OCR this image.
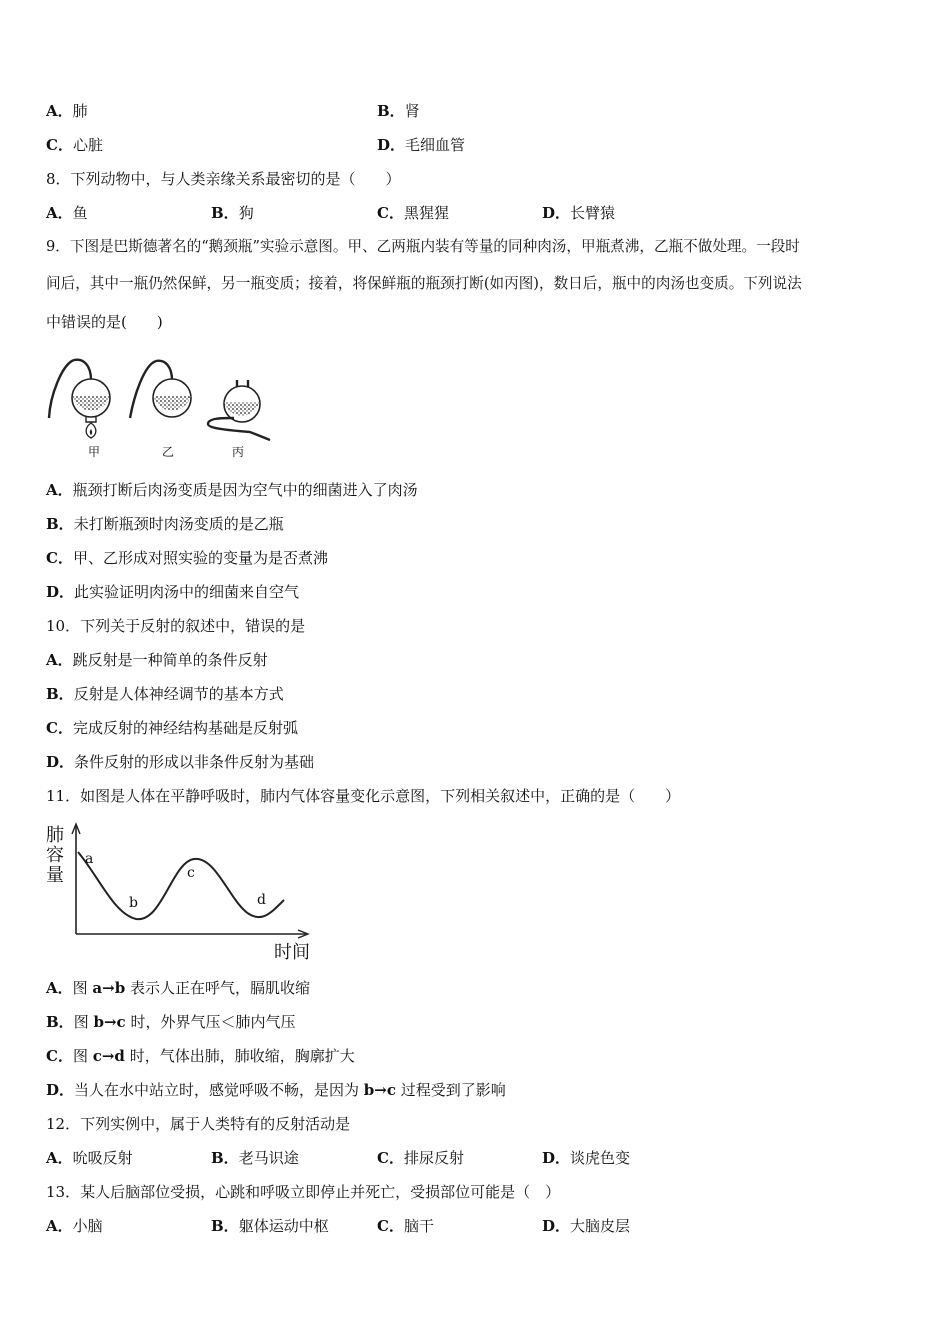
A．肺	B．肾
C．心脏	D．毛细血管
8．下列动物中，与人类亲缘关系最密切的是（　　）
A．鱼	B．狗	C．黑猩猩	D．长臂猿
9．下图是巴斯德著名的“鹅颈瓶”实验示意图。甲、乙两瓶内装有等量的同种肉汤，甲瓶煮沸，乙瓶不做处理。一段时
间后，其中一瓶仍然保鲜，另一瓶变质；接着，将保鲜瓶的瓶颈打断(如丙图)，数日后，瓶中的肉汤也变质。下列说法
中错误的是(　　)
甲	乙	丙
A．瓶颈打断后肉汤变质是因为空气中的细菌进入了肉汤
B．未打断瓶颈时肉汤变质的是乙瓶
C．甲、乙形成对照实验的变量为是否煮沸
D．此实验证明肉汤中的细菌来自空气
10．下列关于反射的叙述中，错误的是
A．跳反射是一种简单的条件反射
B．反射是人体神经调节的基本方式
C．完成反射的神经结构基础是反射弧
D．条件反射的形成以非条件反射为基础
11．如图是人体在平静呼吸时，肺内气体容量变化示意图，下列相关叙述中，正确的是（　　）
肺
容
量
a
b
c
d
时间
A．图 a→b 表示人正在呼气，膈肌收缩
B．图 b→c 时，外界气压＜肺内气压
C．图 c→d 时，气体出肺，肺收缩，胸廓扩大
D．当人在水中站立时，感觉呼吸不畅，是因为 b→c 过程受到了影响
12．下列实例中，属于人类特有的反射活动是
A．吮吸反射	B．老马识途	C．排尿反射	D．谈虎色变
13．某人后脑部位受损，心跳和呼吸立即停止并死亡，受损部位可能是（　）
A．小脑	B．躯体运动中枢	C．脑干	D．大脑皮层
